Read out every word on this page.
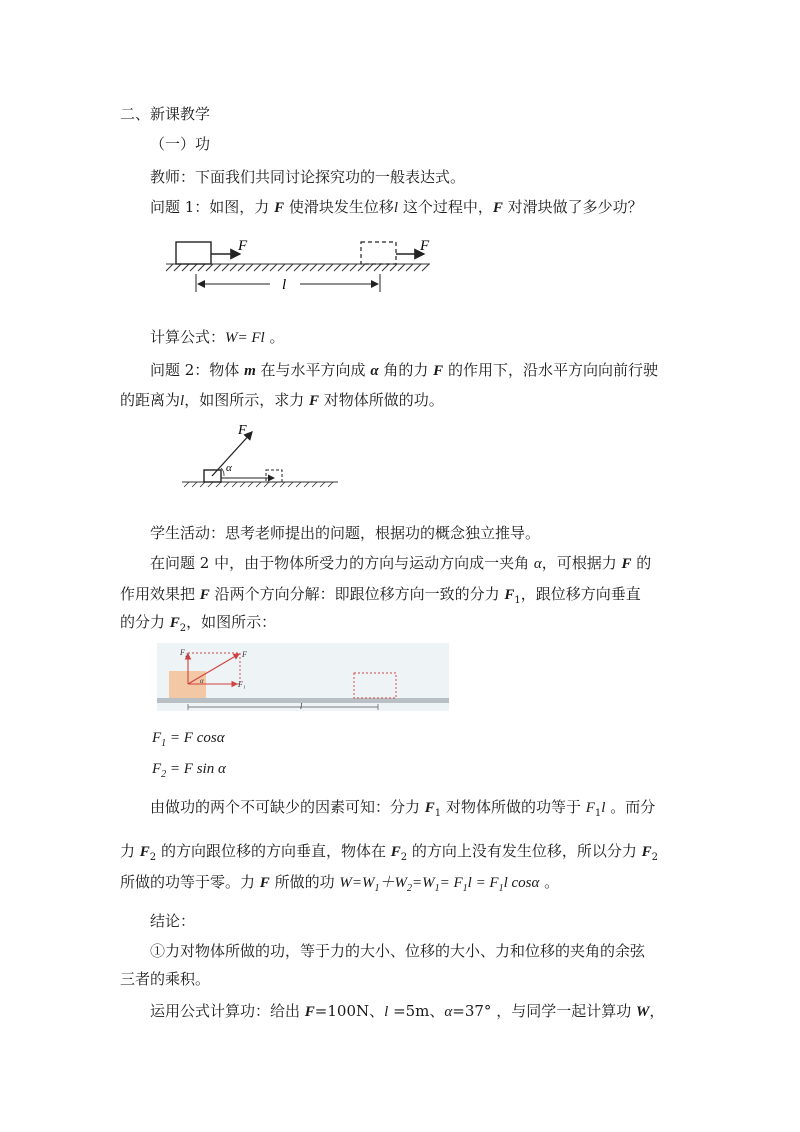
二、新课教学
（一）功
教师：下面我们共同讨论探究功的一般表达式。
问题 1：如图，力 F 使滑块发生位移l 这个过程中，F 对滑块做了多少功？
F	F
l
计算公式：W= Fl 。
问题 2：物体 m 在与水平方向成 α 角的力 F 的作用下，沿水平方向向前行驶
的距离为l，如图所示，求力 F 对物体所做的功。
F
α
学生活动：思考老师提出的问题，根据功的概念独立推导。
在问题 2 中，由于物体所受力的方向与运动方向成一夹角 α，可根据力 F 的
作用效果把 F 沿两个方向分解：即跟位移方向一致的分力 $F_1$，跟位移方向垂直
的分力 $F_2$，如图所示：
F₂	F
F₁
α
l
$F_1 = F$ cosα
$F_2 = F$ sin α
由做功的两个不可缺少的因素可知：分力 $F_1$ 对物体所做的功等于 $F_1l$ 。而分
力 $F_2$ 的方向跟位移的方向垂直，物体在 $F_2$ 的方向上没有发生位移，所以分力 $F_2$
所做的功等于零。力 F 所做的功 $W=W_1+W_2=W_1= F_1l = F_1l$ cosα 。
结论：
①力对物体所做的功，等于力的大小、位移的大小、力和位移的夹角的余弦
三者的乘积。
运用公式计算功：给出 F=100N、l =5m、α=37° ，与同学一起计算功 W，
